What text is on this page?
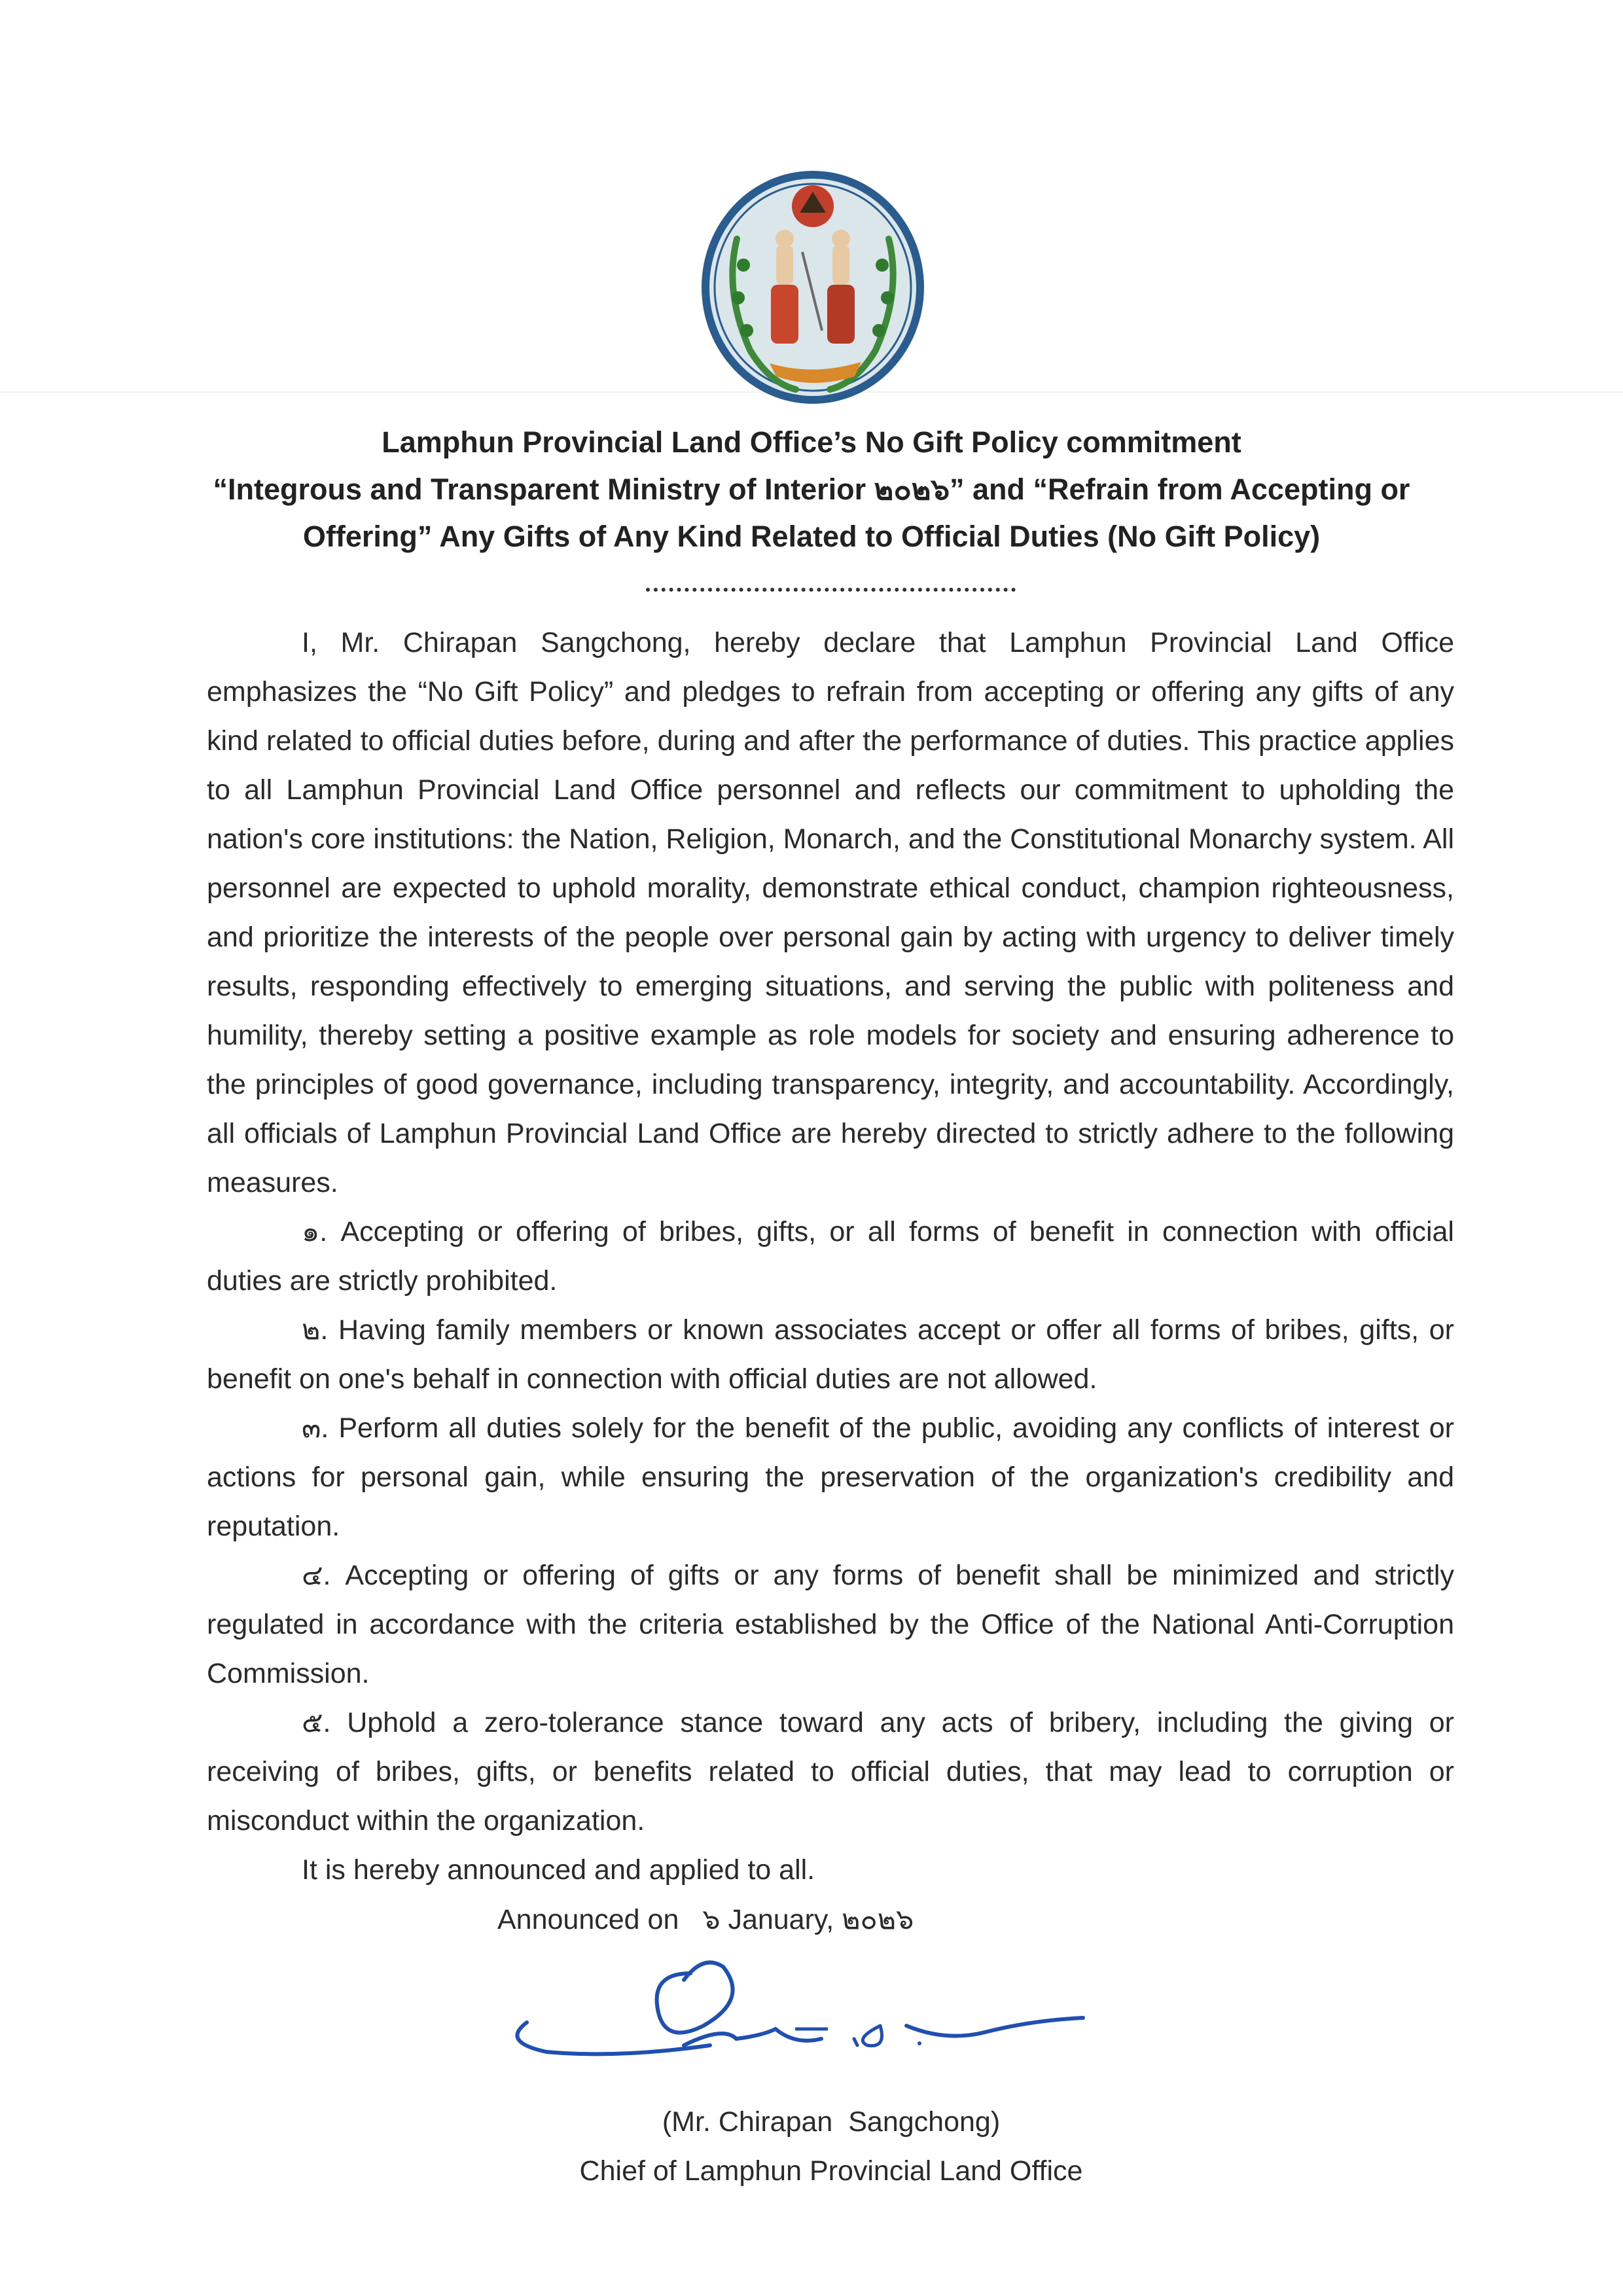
Lamphun Provincial Land Office’s No Gift Policy commitment
“Integrous and Transparent Ministry of Interior ๒๐๒๖” and “Refrain from Accepting or
Offering” Any Gifts of Any Kind Related to Official Duties (No Gift Policy)

I, Mr. Chirapan Sangchong, hereby declare that Lamphun Provincial Land Office emphasizes the “No Gift Policy” and pledges to refrain from accepting or offering any gifts of any kind related to official duties before, during and after the performance of duties. This practice applies to all Lamphun Provincial Land Office personnel and reflects our commitment to upholding the nation's core institutions: the Nation, Religion, Monarch, and the Constitutional Monarchy system. All personnel are expected to uphold morality, demonstrate ethical conduct, champion righteousness, and prioritize the interests of the people over personal gain by acting with urgency to deliver timely results, responding effectively to emerging situations, and serving the public with politeness and humility, thereby setting a positive example as role models for society and ensuring adherence to the principles of good governance, including transparency, integrity, and accountability. Accordingly, all officials of Lamphun Provincial Land Office are hereby directed to strictly adhere to the following measures.

๑. Accepting or offering of bribes, gifts, or all forms of benefit in connection with official duties are strictly prohibited.

๒. Having family members or known associates accept or offer all forms of bribes, gifts, or benefit on one's behalf in connection with official duties are not allowed.

๓. Perform all duties solely for the benefit of the public, avoiding any conflicts of interest or actions for personal gain, while ensuring the preservation of the organization's credibility and reputation.

๔. Accepting or offering of gifts or any forms of benefit shall be minimized and strictly regulated in accordance with the criteria established by the Office of the National Anti-Corruption Commission.

๕. Uphold a zero-tolerance stance toward any acts of bribery, including the giving or receiving of bribes, gifts, or benefits related to official duties, that may lead to corruption or misconduct within the organization.

It is hereby announced and applied to all.

Announced on   ๖ January, ๒๐๒๖
(Mr. Chirapan  Sangchong)
Chief of Lamphun Provincial Land Office
